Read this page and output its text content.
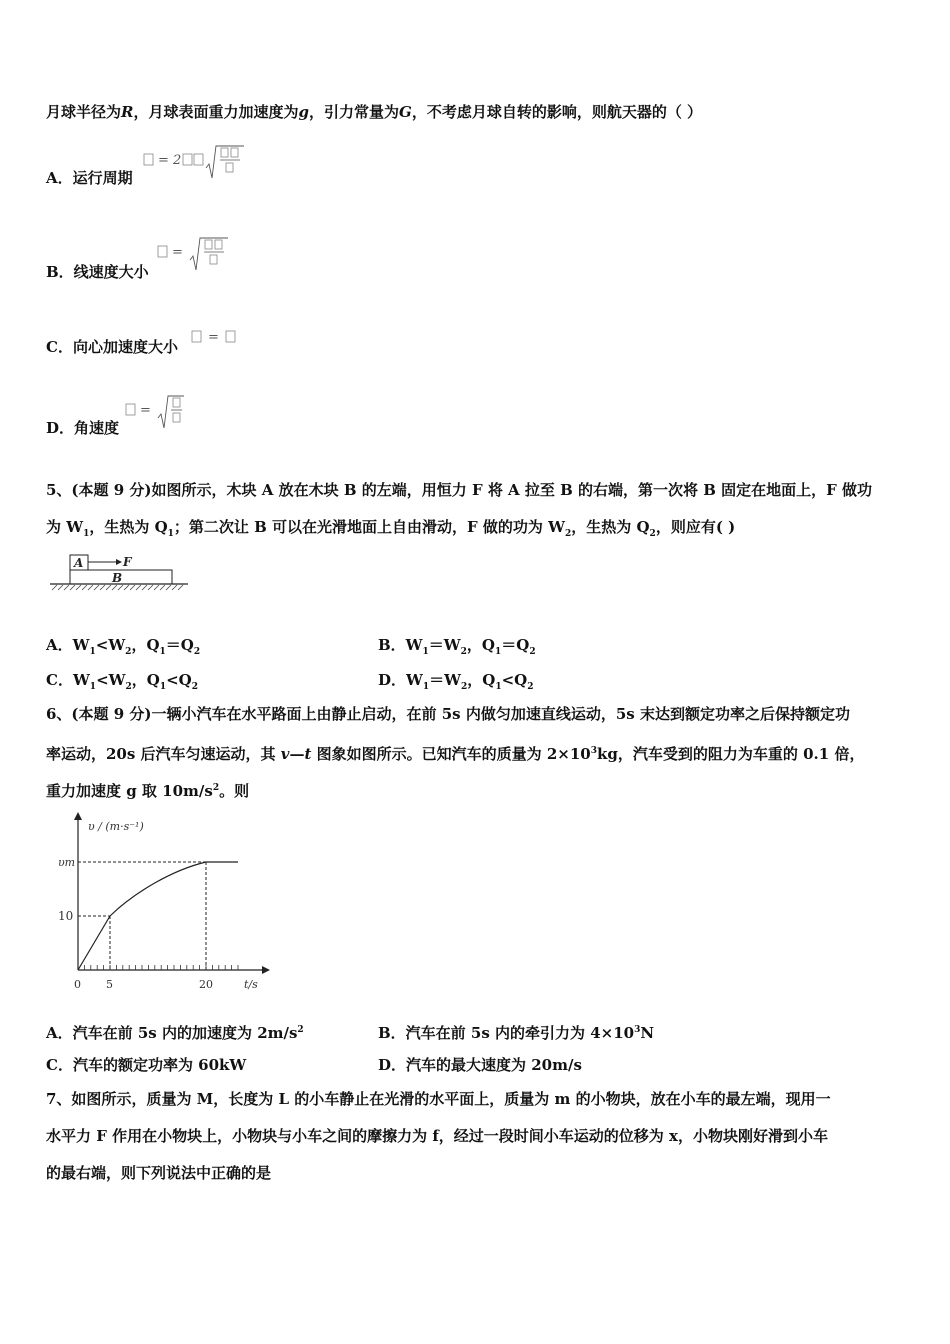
月球半径为R，月球表面重力加速度为g，引力常量为G，不考虑月球自转的影响，则航天器的（ ）
A．运行周期
= 2
B．线速度大小
=
C．向心加速度大小
=
D．角速度
=
5、(本题 9 分)如图所示，木块 A 放在木块 B 的左端，用恒力 F 将 A 拉至 B 的右端，第一次将 B 固定在地面上，F 做功
为 $W_1$，生热为 $Q_1$；第二次让 B 可以在光滑地面上自由滑动，F 做的功为 $W_2$，生热为 $Q_2$，则应有( )
A	F
B
A．$W_1<W_2$，$Q_1=Q_2$	B．$W_1=W_2$，$Q_1=Q_2$
C．$W_1<W_2$，$Q_1<Q_2$	D．$W_1=W_2$，$Q_1<Q_2$
6、(本题 9 分)一辆小汽车在水平路面上由静止启动，在前 5s 内做匀加速直线运动，5s 末达到额定功率之后保持额定功
率运动，20s 后汽车匀速运动，其 v—t 图象如图所示。已知汽车的质量为 $2\times 10^3kg$，汽车受到的阻力为车重的 0.1 倍，
重力加速度 g 取 $10m/s^2$。则
υ / (m·s⁻¹)
t/s
0 5	20
10
υm
A．汽车在前 5s 内的加速度为 $2m/s^2$	B．汽车在前 5s 内的牵引力为 $4\times 10^3N$
C．汽车的额定功率为 60kW	D．汽车的最大速度为 20m/s
7、如图所示，质量为 M，长度为 L 的小车静止在光滑的水平面上，质量为 m 的小物块，放在小车的最左端，现用一
水平力 F 作用在小物块上，小物块与小车之间的摩擦力为 f，经过一段时间小车运动的位移为 x，小物块刚好滑到小车
的最右端，则下列说法中正确的是
